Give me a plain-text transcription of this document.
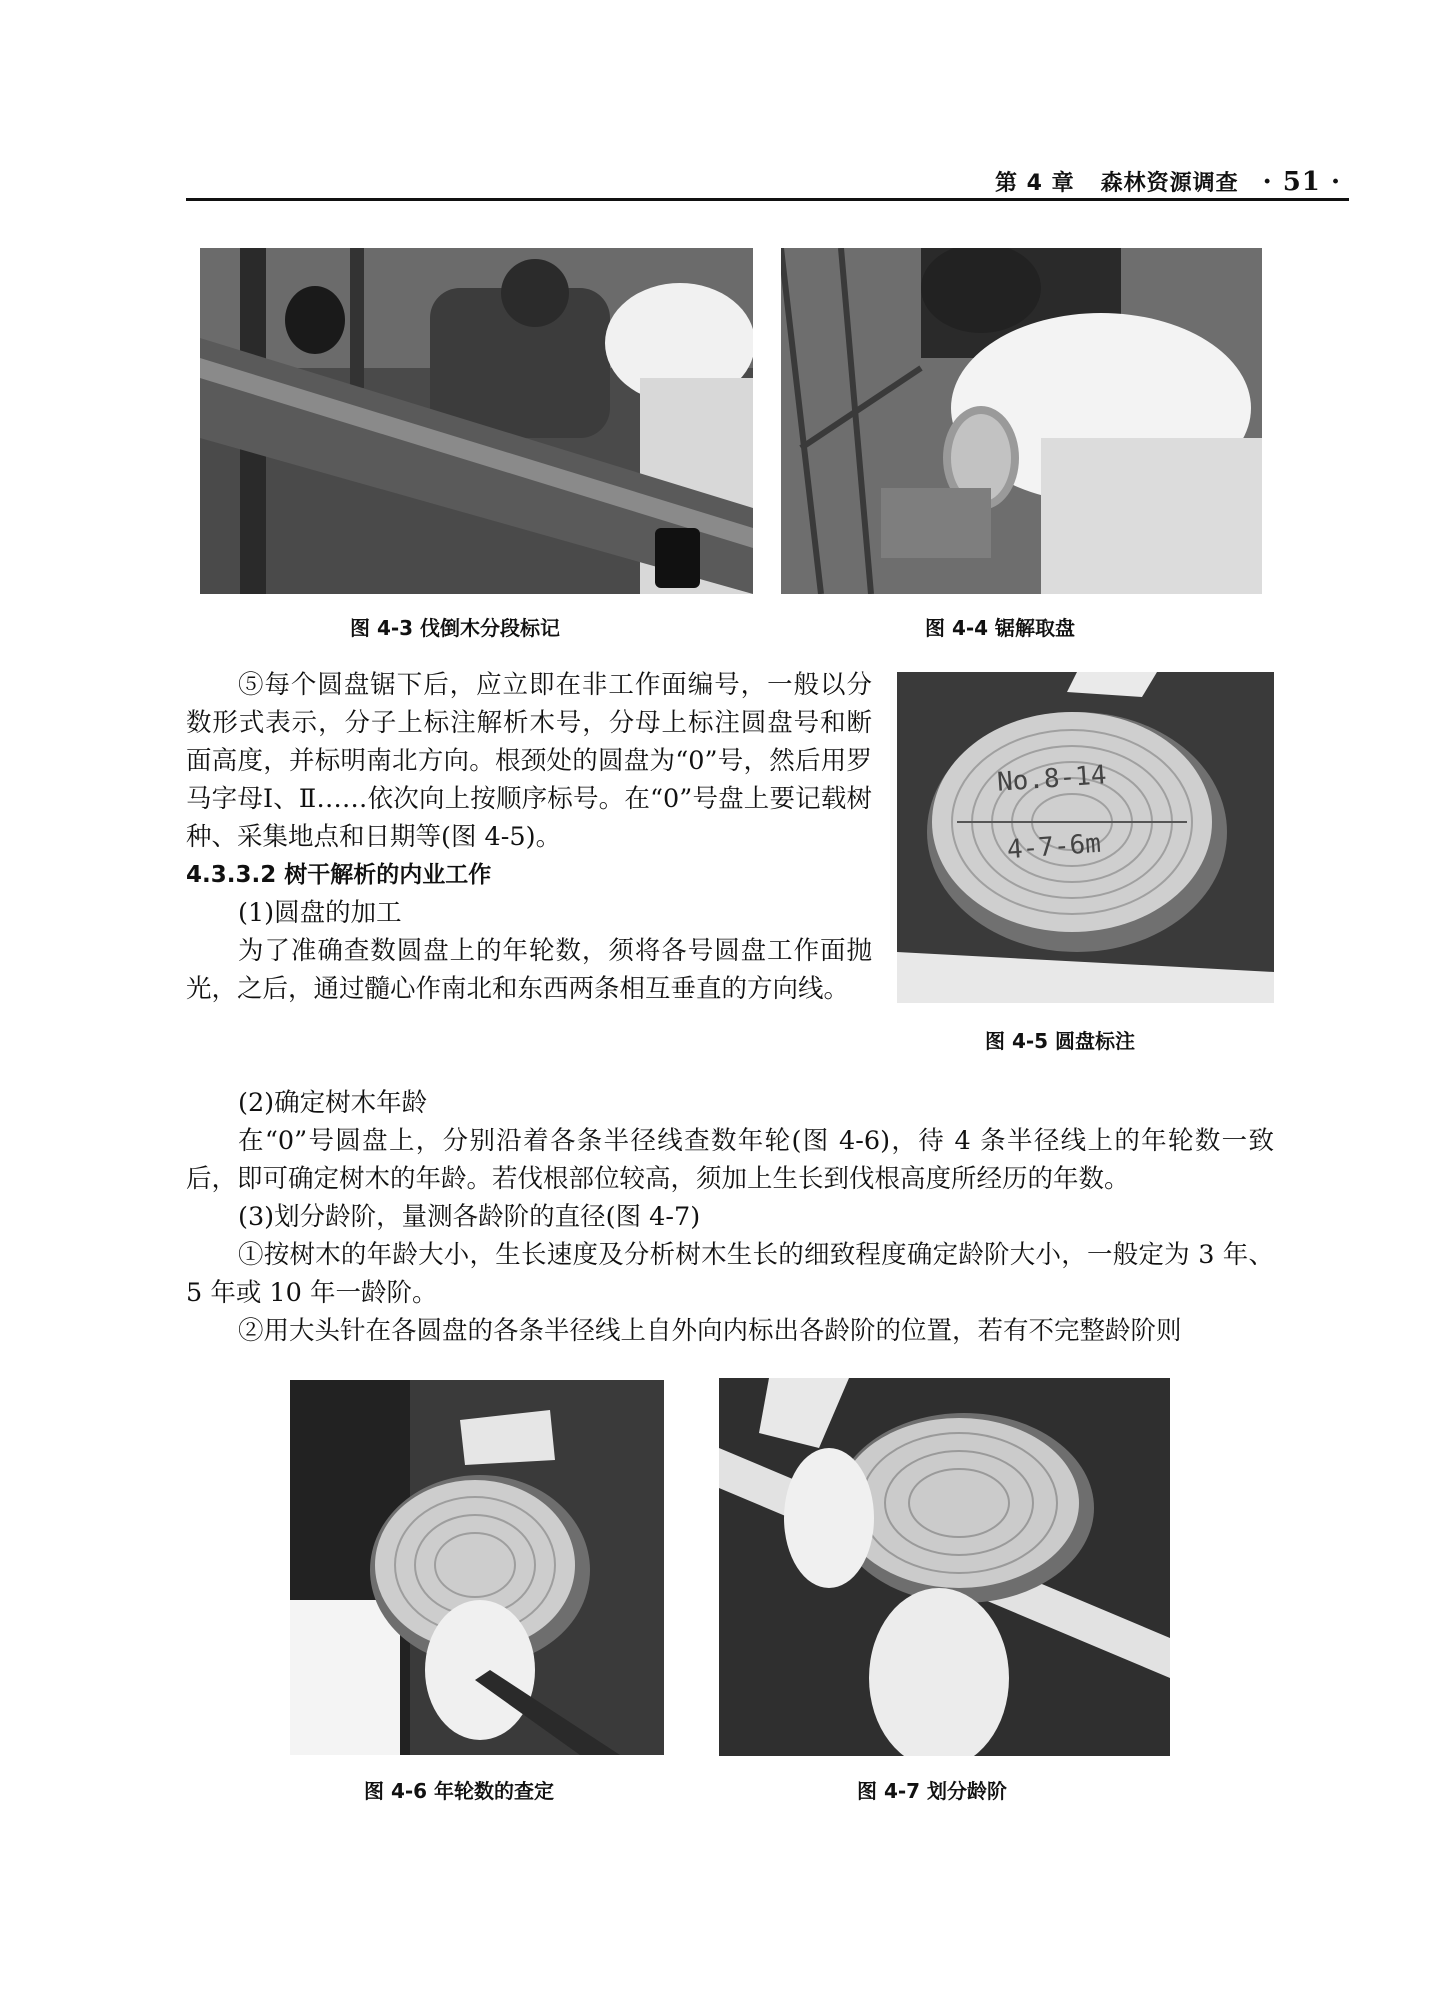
第 4 章   森林资源调查 · 51 ·
图 4-3 伐倒木分段标记	图 4-4 锯解取盘
No.8-14
4-7-6m
图 4-5 圆盘标注

⑤每个圆盘锯下后，应立即在非工作面编号，一般以分数形式表示，分子上标注解析木号，分母上标注圆盘号和断面高度，并标明南北方向。根颈处的圆盘为“0”号，然后用罗马字母Ⅰ、Ⅱ……依次向上按顺序标号。在“0”号盘上要记载树种、采集地点和日期等(图 4-5)。

4.3.3.2 树干解析的内业工作

(1)圆盘的加工

为了准确查数圆盘上的年轮数，须将各号圆盘工作面抛光，之后，通过髓心作南北和东西两条相互垂直的方向线。

(2)确定树木年龄

在“0”号圆盘上，分别沿着各条半径线查数年轮(图 4-6)，待 4 条半径线上的年轮数一致后，即可确定树木的年龄。若伐根部位较高，须加上生长到伐根高度所经历的年数。

(3)划分龄阶，量测各龄阶的直径(图 4-7)

①按树木的年龄大小，生长速度及分析树木生长的细致程度确定龄阶大小，一般定为 3 年、5 年或 10 年一龄阶。

②用大头针在各圆盘的各条半径线上自外向内标出各龄阶的位置，若有不完整龄阶则

图 4-6 年轮数的查定	图 4-7 划分龄阶
